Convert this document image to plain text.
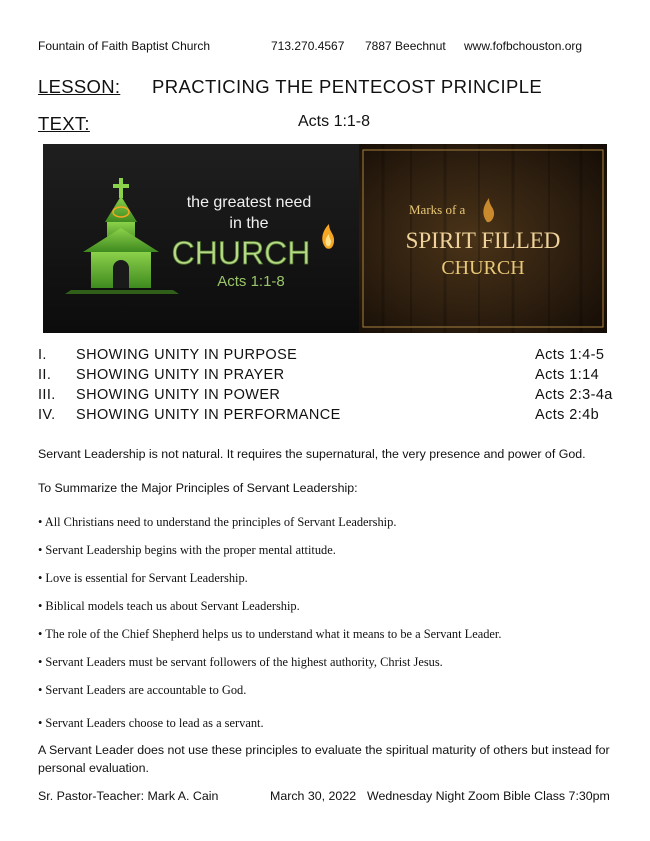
Fountain of Faith Baptist Church	713.270.4567 7887 Beechnut www.fofbchouston.org
LESSON: PRACTICING THE PENTECOST PRINCIPLE
TEXT:	Acts 1:1-8
the greatest need
in the
CHURCH
Acts 1:1-8
Marks of a
SPIRIT FILLED
CHURCH
I. SHOWING UNITY IN PURPOSE	Acts 1:4-5
II. SHOWING UNITY IN PRAYER	Acts 1:14
III. SHOWING UNITY IN POWER	Acts 2:3-4a
IV. SHOWING UNITY IN PERFORMANCE	Acts 2:4b
Servant Leadership is not natural. It requires the supernatural, the very presence and power of God.
To Summarize the Major Principles of Servant Leadership:
• All Christians need to understand the principles of Servant Leadership.
• Servant Leadership begins with the proper mental attitude.
• Love is essential for Servant Leadership.
• Biblical models teach us about Servant Leadership.
• The role of the Chief Shepherd helps us to understand what it means to be a Servant Leader.
• Servant Leaders must be servant followers of the highest authority, Christ Jesus.
• Servant Leaders are accountable to God.
• Servant Leaders choose to lead as a servant.
A Servant Leader does not use these principles to evaluate the spiritual maturity of others but instead for
personal evaluation.
Sr. Pastor-Teacher: Mark A. Cain	March 30, 2022 Wednesday Night Zoom Bible Class 7:30pm
